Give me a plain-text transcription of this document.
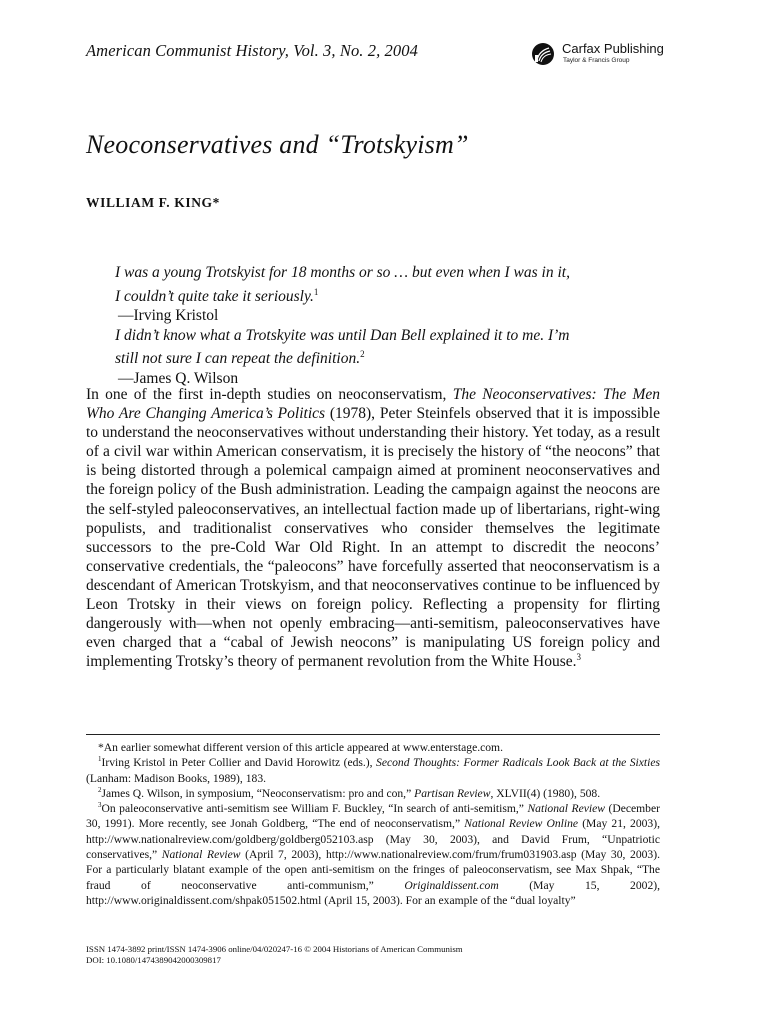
American Communist History, Vol. 3, No. 2, 2004	Carfax Publishing
Taylor & Francis Group
Neoconservatives and “Trotskyism”
WILLIAM F. KING*
I was a young Trotskyist for 18 months or so … but even when I was in it,
I couldn’t quite take it seriously.$^1$
—Irving Kristol
I didn’t know what a Trotskyite was until Dan Bell explained it to me. I’m
still not sure I can repeat the definition.$^2$
—James Q. Wilson

In one of the first in-depth studies on neoconservatism, The Neoconservatives: The Men Who Are Changing America’s Politics (1978), Peter Steinfels observed that it is impossible to understand the neoconservatives without understanding their history. Yet today, as a result of a civil war within American conservatism, it is precisely the history of “the neocons” that is being distorted through a polemical campaign aimed at prominent neoconservatives and the foreign policy of the Bush administration. Leading the campaign against the neocons are the self-styled paleoconservatives, an intellectual faction made up of libertarians, right-wing populists, and traditionalist conservatives who consider themselves the legitimate successors to the pre-Cold War Old Right. In an attempt to discredit the neocons’ conservative credentials, the “paleocons” have forcefully asserted that neoconservatism is a descendant of American Trotskyism, and that neoconservatives continue to be influenced by Leon Trotsky in their views on foreign policy. Reflecting a propensity for flirting dangerously with—when not openly embracing—anti-semitism, paleoconservatives have even charged that a “cabal of Jewish neocons” is manipulating US foreign policy and implementing Trotsky’s theory of permanent revolution from the White House.$^3$

*An earlier somewhat different version of this article appeared at www.enterstage.com.

$^1$Irving Kristol in Peter Collier and David Horowitz (eds.), Second Thoughts: Former Radicals Look Back at the Sixties (Lanham: Madison Books, 1989), 183.

$^2$James Q. Wilson, in symposium, “Neoconservatism: pro and con,” Partisan Review, XLVII(4) (1980), 508.

$^3$On paleoconservative anti-semitism see William F. Buckley, “In search of anti-semitism,” National Review (December 30, 1991). More recently, see Jonah Goldberg, “The end of neoconservatism,” National Review Online (May 21, 2003), http://www.nationalreview.com/goldberg/goldberg052103.asp (May 30, 2003), and David Frum, “Unpatriotic conservatives,” National Review (April 7, 2003), http://www.nationalreview.com/frum/frum031903.asp (May 30, 2003). For a particularly blatant example of the open anti-semitism on the fringes of paleoconservatism, see Max Shpak, “The fraud of neoconservative anti-communism,” Originaldissent.com (May 15, 2002), http://www.originaldissent.com/shpak051502.html (April 15, 2003). For an example of the “dual loyalty”

ISSN 1474-3892 print/ISSN 1474-3906 online/04/020247-16 © 2004 Historians of American Communism
DOI: 10.1080/1474389042000309817
